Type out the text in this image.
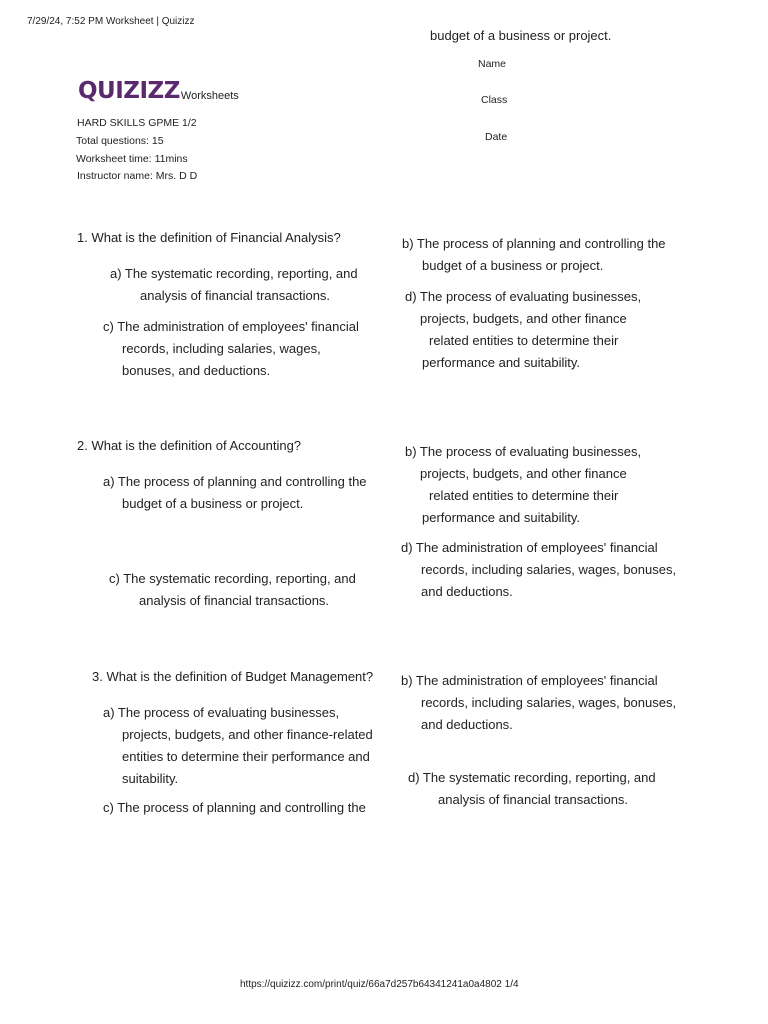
7/29/24, 7:52 PM Worksheet | Quizizz
budget of a business or project.
Name
Class
Date
QUIZIZZ Worksheets
HARD SKILLS GPME 1/2
Total questions: 15
Worksheet time: 11mins
Instructor name: Mrs. D D
1. What is the definition of Financial Analysis?
a) The systematic recording, reporting, and
analysis of financial transactions.
c) The administration of employees' financial
records, including salaries, wages,
bonuses, and deductions.
b) The process of planning and controlling the
budget of a business or project.
d) The process of evaluating businesses,
projects, budgets, and other finance
related entities to determine their
performance and suitability.
2. What is the definition of Accounting?
a) The process of planning and controlling the
budget of a business or project.
c) The systematic recording, reporting, and
analysis of financial transactions.
b) The process of evaluating businesses,
projects, budgets, and other finance
related entities to determine their
performance and suitability.
d) The administration of employees' financial
records, including salaries, wages, bonuses,
and deductions.
3. What is the definition of Budget Management?
a) The process of evaluating businesses,
projects, budgets, and other finance-related
entities to determine their performance and
suitability.
c) The process of planning and controlling the
b) The administration of employees' financial
records, including salaries, wages, bonuses,
and deductions.
d) The systematic recording, reporting, and
analysis of financial transactions.
https://quizizz.com/print/quiz/66a7d257b64341241a0a4802 1/4
